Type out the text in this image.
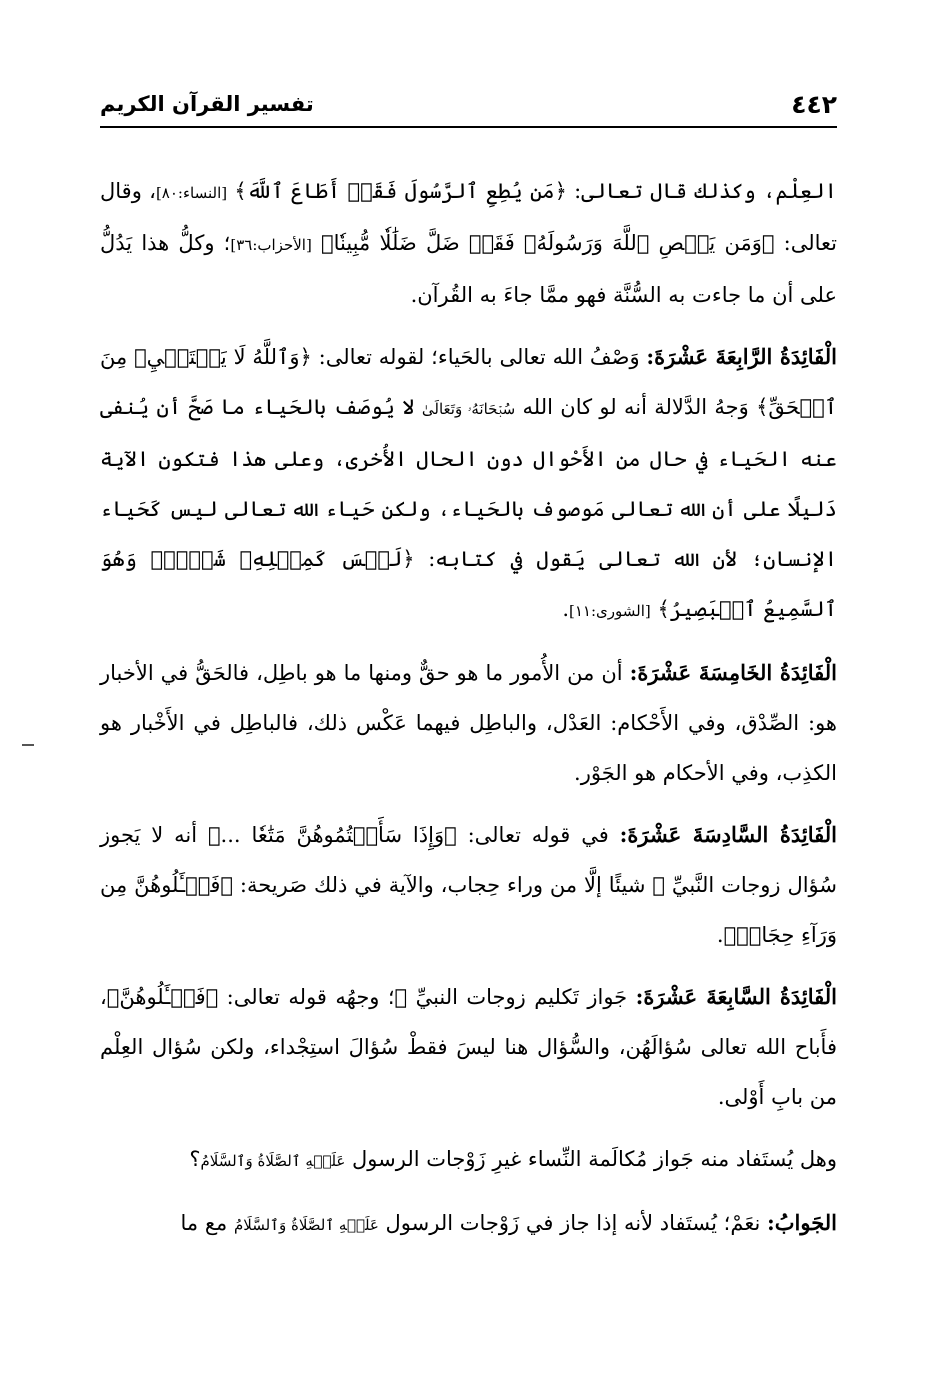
٤٤٢
تفسير القرآن الكريم

العِلْم، وكذلك قال تعالى: ﴿مَن يُطِعِ ٱلرَّسُولَ فَقَدۡ أَطَاعَ ٱللَّهَ﴾ [النساء:٨٠]، وقال تعالى: ﴿وَمَن يَعۡصِ ٱللَّهَ وَرَسُولَهُۥ فَقَدۡ ضَلَّ ضَلَٰلٗا مُّبِينٗا﴾ [الأحزاب:٣٦]؛ وكلُّ هذا يَدُلُّ على أن ما جاءت به السُّنَّة فهو ممَّا جاءَ به القُرآن.

الْفَائِدَةُ الرَّابِعَةَ عَشْرَةَ: وَصْفُ الله تعالى بالحَياء؛ لقوله تعالى: ﴿وَٱللَّهُ لَا يَسۡتَحۡيِۦ مِنَ ٱلۡحَقِّ﴾ وَجهُ الدَّلالة أنه لو كان الله سُبۡحَانَهُۥ وَتَعَالَىٰ لا يُوصَف بالحَياء ما صَحَّ أن يُنفى عنه الحَياء في حال من الأَحْوال دون الحال الأُخرى، وعلى هذا فتكون الآية دَليلًا على أن الله تعالى مَوصوف بالحَياء، ولكن حَياء الله تعالى ليس كَحَياء الإنسان؛ لأن الله تعالى يَقول في كتابه: ﴿لَيۡسَ كَمِثۡلِهِۦ شَيۡءٞۖ وَهُوَ ٱلسَّمِيعُ ٱلۡبَصِيرُ﴾ [الشورى:١١].

الْفَائِدَةُ الخَامِسَةَ عَشْرَةَ: أن من الأُمور ما هو حقٌّ ومنها ما هو باطِل، فالحَقُّ في الأخبار هو: الصِّدْق، وفي الأَحْكام: العَدْل، والباطِل فيهما عَكْس ذلك، فالباطِل في الأَخْبار هو الكذِب، وفي الأحكام هو الجَوْر.

الْفَائِدَةُ السَّادِسَةَ عَشْرَةَ: في قوله تعالى: ﴿وَإِذَا سَأَلۡتُمُوهُنَّ مَتَٰعٗا ...﴾ أنه لا يَجوز سُؤال زوجات النَّبيِّ ﷺ شيئًا إلَّا من وراء حِجاب، والآية في ذلك صَريحة: ﴿فَسۡـَٔلُوهُنَّ مِن وَرَآءِ حِجَابٖ﴾.

الْفَائِدَةُ السَّابِعَةَ عَشْرَةَ: جَواز تَكليم زوجات النبيِّ ﷺ؛ وجهُه قوله تعالى: ﴿فَسۡـَٔلُوهُنَّ﴾، فأَباح الله تعالى سُؤالَهُن، والسُّؤال هنا ليسَ فقطْ سُؤالَ استِجْداء، ولكن سُؤال العِلْم من بابِ أَوْلى.

وهل يُستَفاد منه جَواز مُكالَمة النِّساء غيرِ زَوْجات الرسول عَلَيۡهِ ٱلصَّلَاةُ وَٱلسَّلَامُ؟

الجَوابُ: نعَمْ؛ يُستَفاد لأنه إذا جاز في زَوْجات الرسول عَلَيۡهِ ٱلصَّلَاةُ وَٱلسَّلَامُ مع ما
